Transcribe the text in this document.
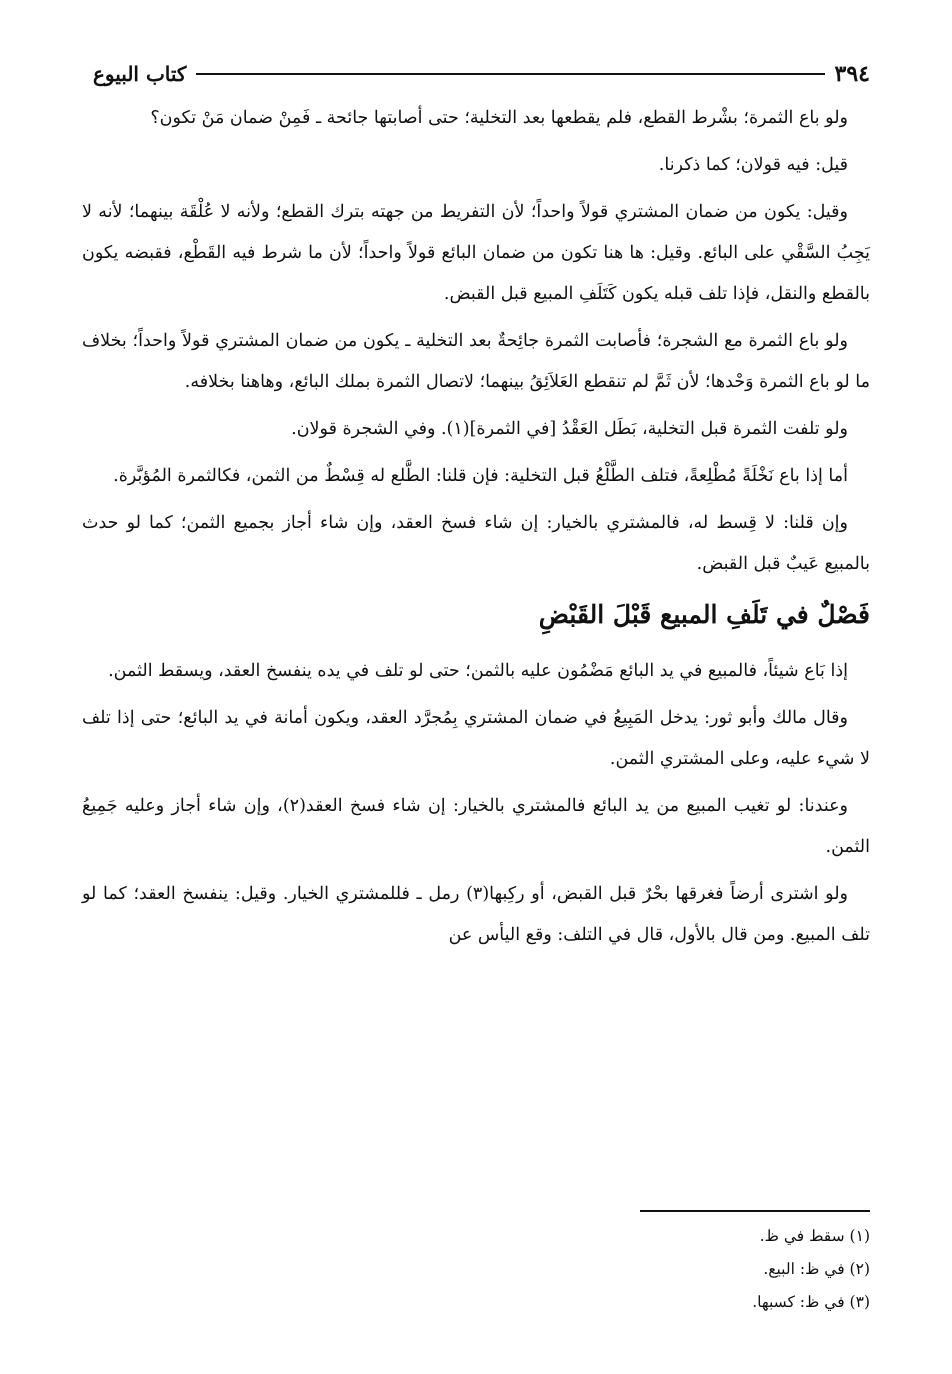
٣٩٤
كتاب البيوع

ولو باع الثمرة؛ بشْرط القطع، فلم يقطعها بعد التخلية؛ حتى أصابتها جائحة ـ فَمِنْ ضمان مَنْ تكون؟

قيل: فيه قولان؛ كما ذكرنا.

وقيل: يكون من ضمان المشتري قولاً واحداً؛ لأن التفريط من جهته بترك القطع؛ ولأنه لا عُلْقَة بينهما؛ لأنه لا يَجِبُ السَّقْي على البائع. وقيل: ها هنا تكون من ضمان البائع قولاً واحداً؛ لأن ما شرط فيه القَطْع، فقبضه يكون بالقطع والنقل، فإذا تلف قبله يكون كَتَلَفِ المبيع قبل القبض.

ولو باع الثمرة مع الشجرة؛ فأصابت الثمرة جائِحةٌ بعد التخلية ـ يكون من ضمان المشتري قولاً واحداً؛ بخلاف ما لو باع الثمرة وَحْدها؛ لأن ثَمَّ لم تنقطع العَلاَئِقُ بينهما؛ لاتصال الثمرة بملك البائع، وهاهنا بخلافه.

ولو تلفت الثمرة قبل التخلية، بَطَل العَقْدُ [في الثمرة](١). وفي الشجرة قولان.

أما إذا باع نَخْلَةً مُطْلِعةً، فتلف الطَّلْعُ قبل التخلية: فإن قلنا: الطَّلع له قِسْطٌ من الثمن، فكالثمرة المُؤبَّرة.

وإن قلنا: لا قِسط له، فالمشتري بالخيار: إن شاء فسخ العقد، وإن شاء أجاز بجميع الثمن؛ كما لو حدث بالمبيع عَيبٌ قبل القبض.

فَصْلٌ في تَلَفِ المبيع قَبْلَ القَبْضِ

إذا بَاع شيئاً، فالمبيع في يد البائع مَضْمُون عليه بالثمن؛ حتى لو تلف في يده ينفسخ العقد، ويسقط الثمن.

وقال مالك وأبو ثور: يدخل المَبِيعُ في ضمان المشتري بِمُجرَّد العقد، ويكون أمانة في يد البائع؛ حتى إذا تلف لا شيء عليه، وعلى المشتري الثمن.

وعندنا: لو تغيب المبيع من يد البائع فالمشتري بالخيار: إن شاء فسخ العقد(٢)، وإن شاء أجاز وعليه جَمِيعُ الثمن.

ولو اشترى أرضاً فغرقها بحْرٌ قبل القبض، أو ركِبها(٣) رمل ـ فللمشتري الخيار. وقيل: ينفسخ العقد؛ كما لو تلف المبيع. ومن قال بالأول، قال في التلف: وقع اليأس عن

(١) سقط في ظ.

(٢) في ظ: البيع.

(٣) في ظ: كسبها.
